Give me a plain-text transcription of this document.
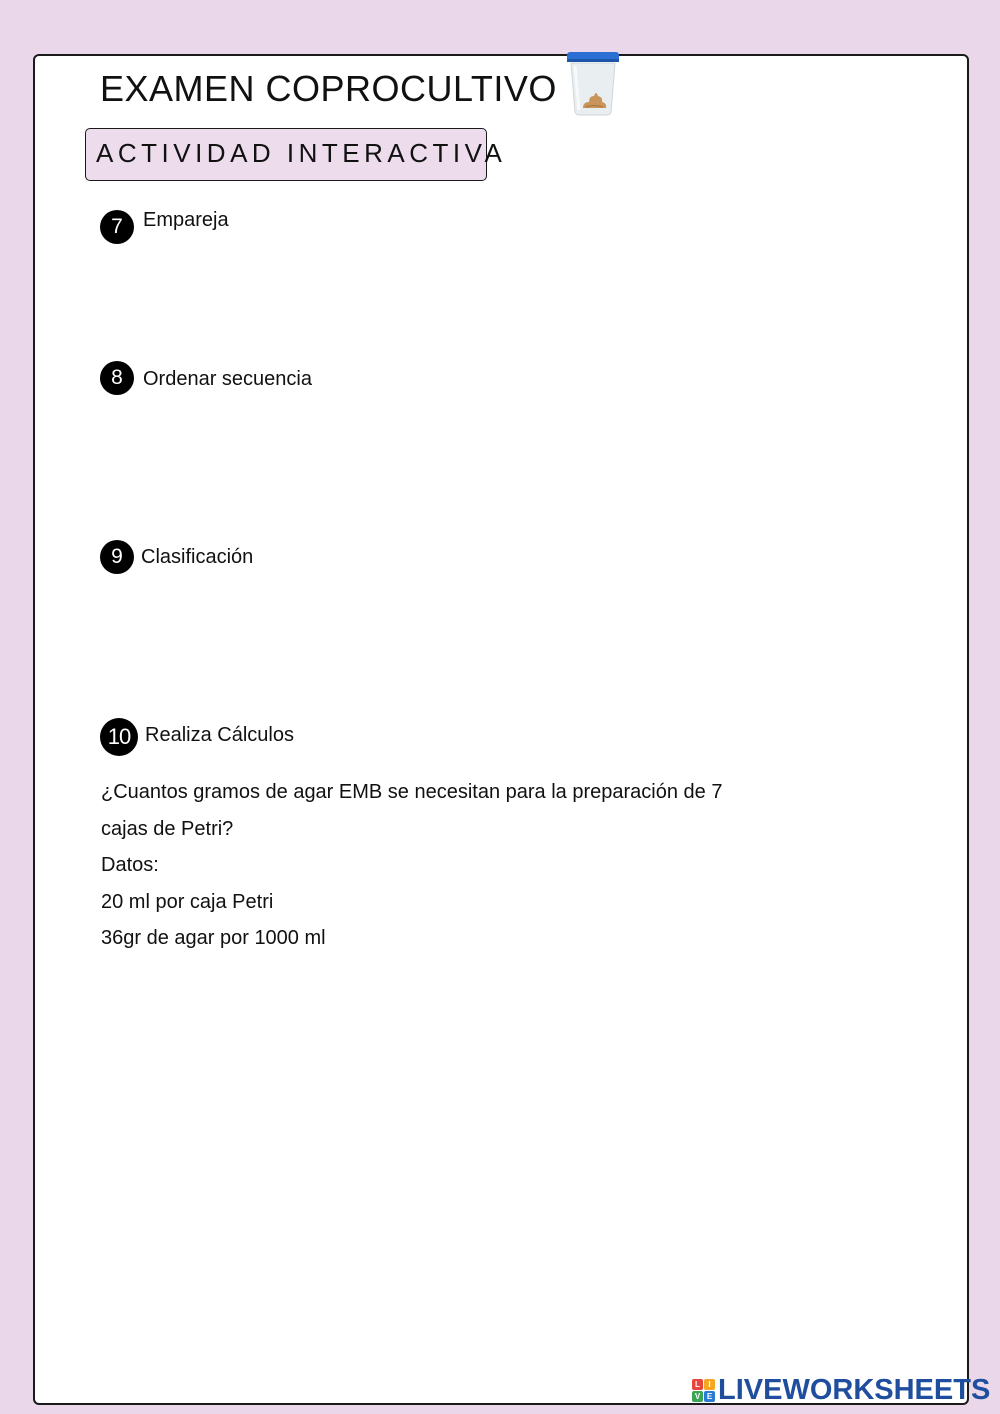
EXAMEN COPROCULTIVO
ACTIVIDAD INTERACTIVA
7	Empareja
8	Ordenar secuencia
9 Clasificación
10 Realiza Cálculos
¿Cuantos gramos de agar EMB se necesitan para la preparación de 7
cajas de Petri?
Datos:
20 ml por caja Petri
36gr de agar por 1000 ml
L	I
V E LIVEWORKSHEETS
